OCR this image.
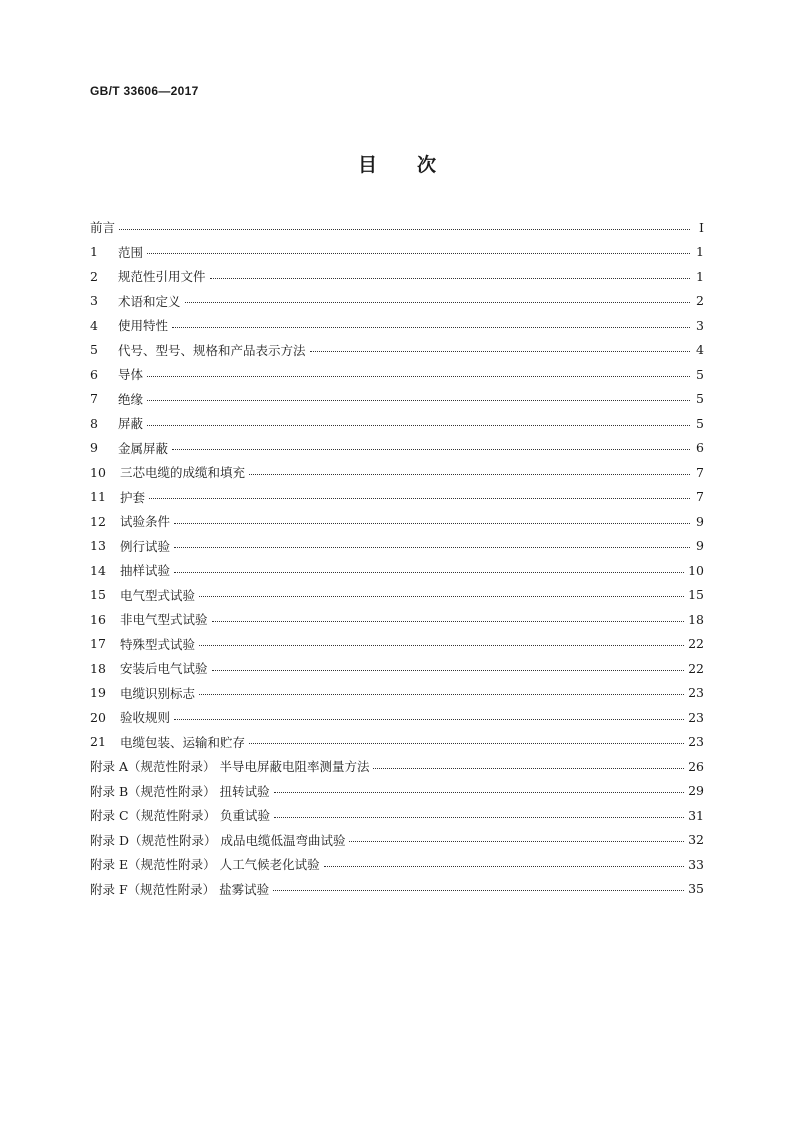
GB/T 33606—2017
目次
前言	Ⅰ
1	范围	1
2	规范性引用文件	1
3	术语和定义	2
4	使用特性	3
5	代号、型号、规格和产品表示方法	4
6	导体	5
7	绝缘	5
8	屏蔽	5
9	金属屏蔽	6
10	三芯电缆的成缆和填充	7
11	护套	7
12	试验条件	9
13	例行试验	9
14	抽样试验	10
15	电气型式试验	15
16	非电气型式试验	18
17	特殊型式试验	22
18	安装后电气试验	22
19	电缆识别标志	23
20	验收规则	23
21	电缆包装、运输和贮存	23
附录 A（规范性附录） 半导电屏蔽电阻率测量方法	26
附录 B（规范性附录） 扭转试验	29
附录 C（规范性附录） 负重试验	31
附录 D（规范性附录） 成品电缆低温弯曲试验	32
附录 E（规范性附录） 人工气候老化试验	33
附录 F（规范性附录） 盐雾试验	35
